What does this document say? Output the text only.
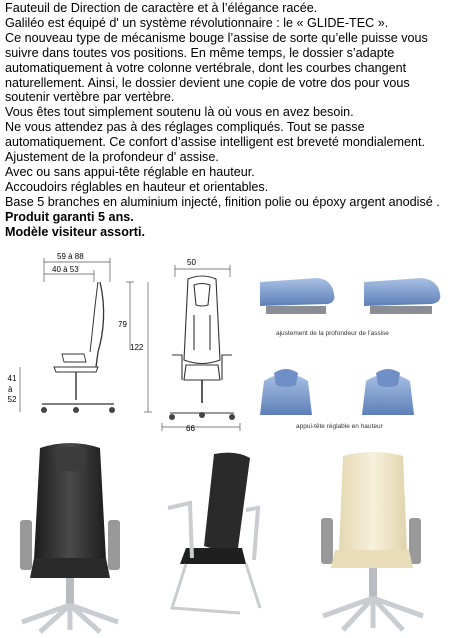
Fauteuil de Direction de caractère et à l’élégance racée.

Galiléo est équipé d' un système révolutionnaire : le « GLIDE-TEC ».

Ce nouveau type de mécanisme bouge l’assise de sorte qu’elle puisse vous suivre dans toutes vos positions. En même temps, le dossier s’adapte automatiquement à votre colonne vertébrale, dont les courbes changent naturellement. Ainsi, le dossier devient une copie de votre dos pour vous soutenir vertèbre par vertèbre.

Vous êtes tout simplement soutenu là où vous en avez besoin.

Ne vous attendez pas à des réglages compliqués. Tout se passe automatiquement. Ce confort d’assise intelligent est breveté mondialement.

Ajustement de la profondeur d' assise.

Avec ou sans appui-tête réglable en hauteur.

Accoudoirs réglables en hauteur et orientables.

Base 5 branches en aluminium injecté, finition polie ou époxy argent anodisé .

Produit garanti 5 ans.

Modèle visiteur assorti.

59 à 88
40 à 53
79
122
41
à
52
50
66
ajustement de la profondeur de l'assise
appui-tête réglable en hauteur
